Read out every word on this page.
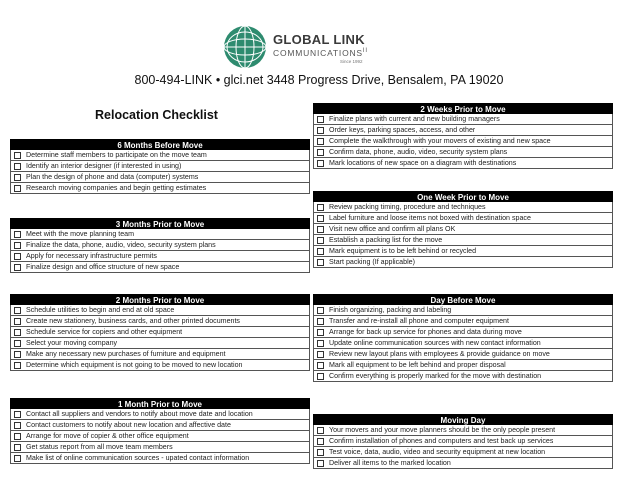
GLOBAL LINK
$COMMUNICATIONS^{II}$
Since 1992
800-494-LINK • glci.net 3448 Progress Drive, Bensalem, PA 19020
Relocation Checklist
6 Months Before Move
Determine staff members to participate on the move team
Identify an interior designer (if interested in using)
Plan the design of phone and data (computer) systems
Research moving companies and begin getting estimates
3 Months Prior to Move
Meet with the move planning team
Finalize the data, phone, audio, video, security system plans
Apply for necessary infrastructure permits
Finalize design and office structure of new space
2 Months Prior to Move
Schedule utilities to begin and end at old space
Create new stationery, business cards, and other printed documents
Schedule service for copiers and other equipment
Select your moving company
Make any necessary new purchases of furniture and equipment
Determine which equipment is not going to be moved to new location
1 Month Prior to Move
Contact all suppliers and vendors to notify about move date and location
Contact customers to notify about new location and affective date
Arrange for move of copier & other office equipment
Get status report from all move team members
Make list of online communication sources - upated contact information
2 Weeks Prior to Move
Finalize plans with current and new building managers
Order keys, parking spaces, access, and other
Complete the walkthrough with your movers of existing and new space
Confirm data, phone, audio, video, security system plans
Mark locations of new space on a diagram with destinations
One Week Prior to Move
Review packing timing, procedure and techniques
Label furniture and loose items not boxed with destination space
Visit new office and confirm all plans OK
Establish a packing list for the move
Mark equipment is to be left behind or recycled
Start packing (If applicable)
Day Before Move
Finish organizing, packing and labeling
Transfer and re-install all phone and computer equipment
Arrange for back up service for phones and data during move
Update online communication sources with new contact information
Review new layout plans with employees & provide guidance on move
Mark all equipment to be left behind and proper disposal
Confirm everything is properly marked for the move with destination
Moving Day
Your movers and your move planners should be the only people present
Confirm installation of phones and computers and test back up services
Test voice, data, audio, video and security equipment at new location
Deliver all items to the marked location
